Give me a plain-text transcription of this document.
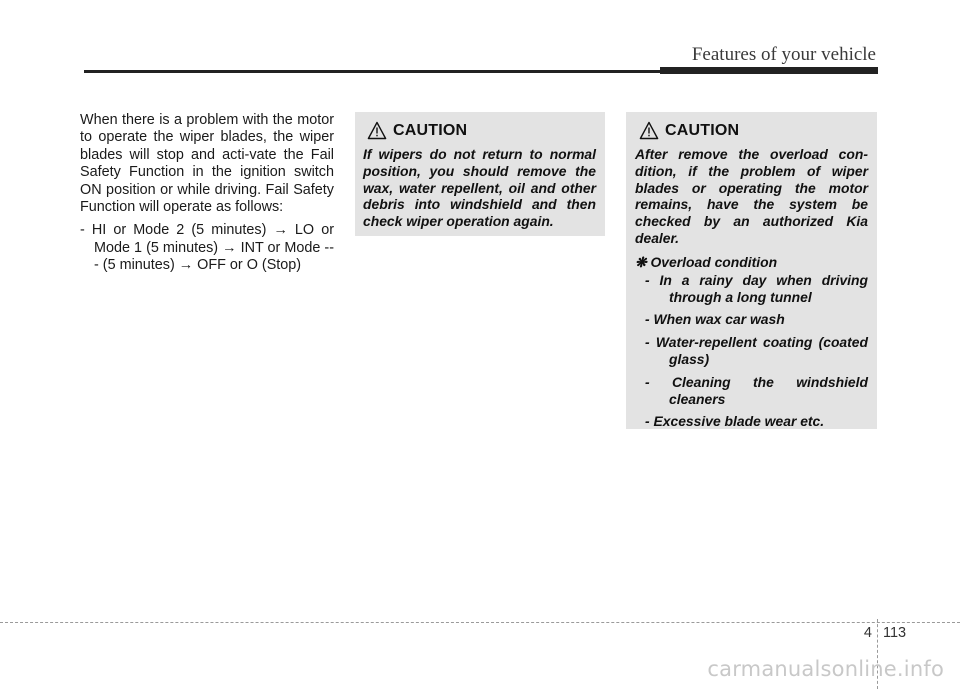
Features of your vehicle

When there is a problem with the motor to operate the wiper blades, the wiper blades will stop and acti-vate the Fail Safety Function in the ignition switch ON position or while driving. Fail Safety Function will operate as follows:

- HI or Mode 2 (5 minutes) → LO or Mode 1 (5 minutes) → INT or Mode --- (5 minutes) → OFF or O (Stop)

CAUTION

If wipers do not return to normal position, you should remove the wax, water repellent, oil and other debris into windshield and then check wiper operation again.

CAUTION

After remove the overload con-dition, if the problem of wiper blades or operating the motor remains, have the system be checked by an authorized Kia dealer.

❋ Overload condition
- In a rainy day when driving through a long tunnel
- When wax car wash
- Water-repellent coating (coated glass)
- Cleaning the windshield cleaners
- Excessive blade wear etc.
4 113
carmanualsonline.info
